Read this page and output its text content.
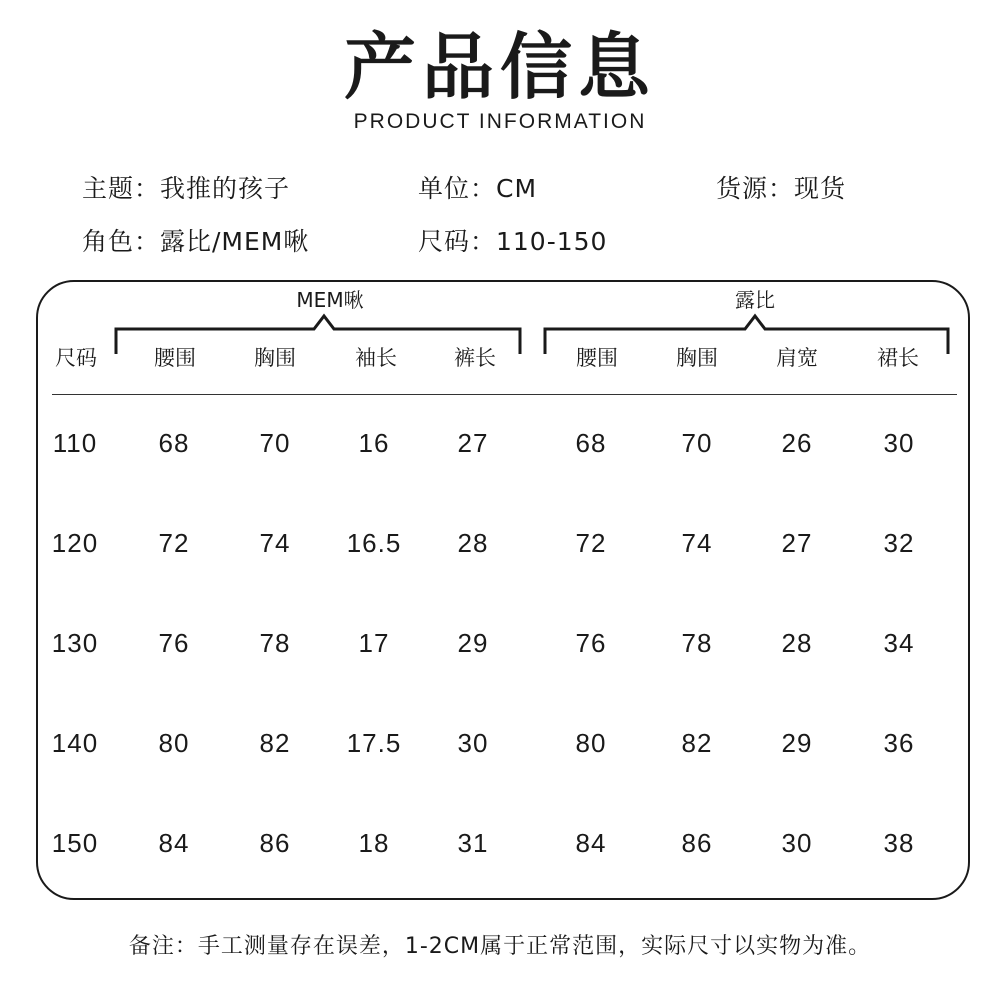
产品信息
PRODUCT INFORMATION
主题：我推的孩子	单位：CM	货源：现货
角色：露比/MEM啾	尺码：110-150
MEM啾	露比
尺码	腰围	胸围	袖长	裤长	腰围	胸围	肩宽	裙长
110	68	70	16	27	68	70	26	30
120	72	74	16.5	28	72	74	27	32
130	76	78	17	29	76	78	28	34
140	80	82	17.5	30	80	82	29	36
150	84	86	18	31	84	86	30	38
备注：手工测量存在误差，1-2CM属于正常范围，实际尺寸以实物为准。
